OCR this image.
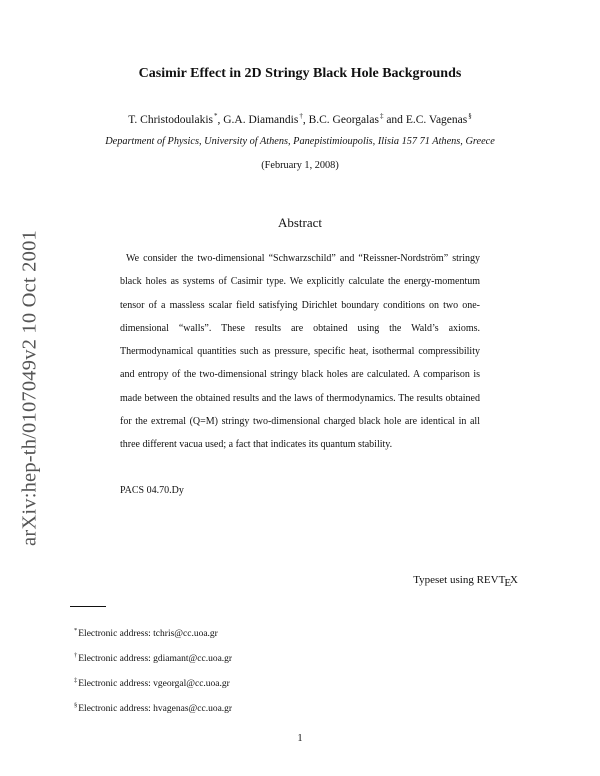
arXiv:hep-th/0107049v2 10 Oct 2001
Casimir Effect in 2D Stringy Black Hole Backgrounds
T. Christodoulakis*, G.A. Diamandis†, B.C. Georgalas‡ and E.C. Vagenas§
Department of Physics, University of Athens, Panepistimioupolis, Ilisia 157 71 Athens, Greece
(February 1, 2008)
Abstract
We consider the two-dimensional “Schwarzschild” and “Reissner-Nordström” stringy black holes as systems of Casimir type. We explicitly calculate the energy-momentum tensor of a massless scalar field satisfying Dirichlet boundary conditions on two one-dimensional “walls”. These results are obtained using the Wald’s axioms. Thermodynamical quantities such as pressure, specific heat, isothermal compressibility and entropy of the two-dimensional stringy black holes are calculated. A comparison is made between the obtained results and the laws of thermodynamics. The results obtained for the extremal (Q=M) stringy two-dimensional charged black hole are identical in all three different vacua used; a fact that indicates its quantum stability.
PACS 04.70.Dy
Typeset using REVTEX
*Electronic address: tchris@cc.uoa.gr
†Electronic address: gdiamant@cc.uoa.gr
‡Electronic address: vgeorgal@cc.uoa.gr
§Electronic address: hvagenas@cc.uoa.gr
1
